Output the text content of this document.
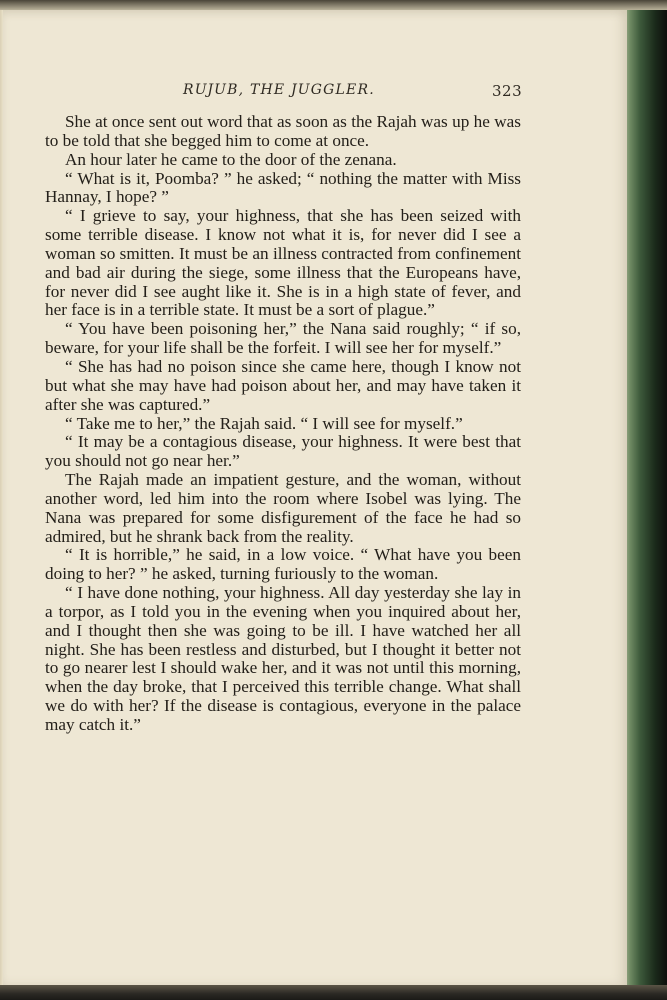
RUJUB, THE JUGGLER.	323

She at once sent out word that as soon as the Rajah was up he was to be told that she begged him to come at once.

An hour later he came to the door of the zenana.

“ What is it, Poomba? ” he asked; “ nothing the matter with Miss Hannay, I hope? ”

“ I grieve to say, your highness, that she has been seized with some terrible disease. I know not what it is, for never did I see a woman so smitten. It must be an illness contracted from confinement and bad air during the siege, some illness that the Europeans have, for never did I see aught like it. She is in a high state of fever, and her face is in a terrible state. It must be a sort of plague.”

“ You have been poisoning her,” the Nana said roughly; “ if so, beware, for your life shall be the forfeit. I will see her for myself.”

“ She has had no poison since she came here, though I know not but what she may have had poison about her, and may have taken it after she was captured.”

“ Take me to her,” the Rajah said. “ I will see for myself.”

“ It may be a contagious disease, your highness. It were best that you should not go near her.”

The Rajah made an impatient gesture, and the woman, without another word, led him into the room where Isobel was lying. The Nana was prepared for some disfigurement of the face he had so admired, but he shrank back from the reality.

“ It is horrible,” he said, in a low voice. “ What have you been doing to her? ” he asked, turning furiously to the woman.

“ I have done nothing, your highness. All day yesterday she lay in a torpor, as I told you in the evening when you inquired about her, and I thought then she was going to be ill. I have watched her all night. She has been restless and disturbed, but I thought it better not to go nearer lest I should wake her, and it was not until this morning, when the day broke, that I perceived this terrible change. What shall we do with her? If the disease is contagious, everyone in the palace may catch it.”
